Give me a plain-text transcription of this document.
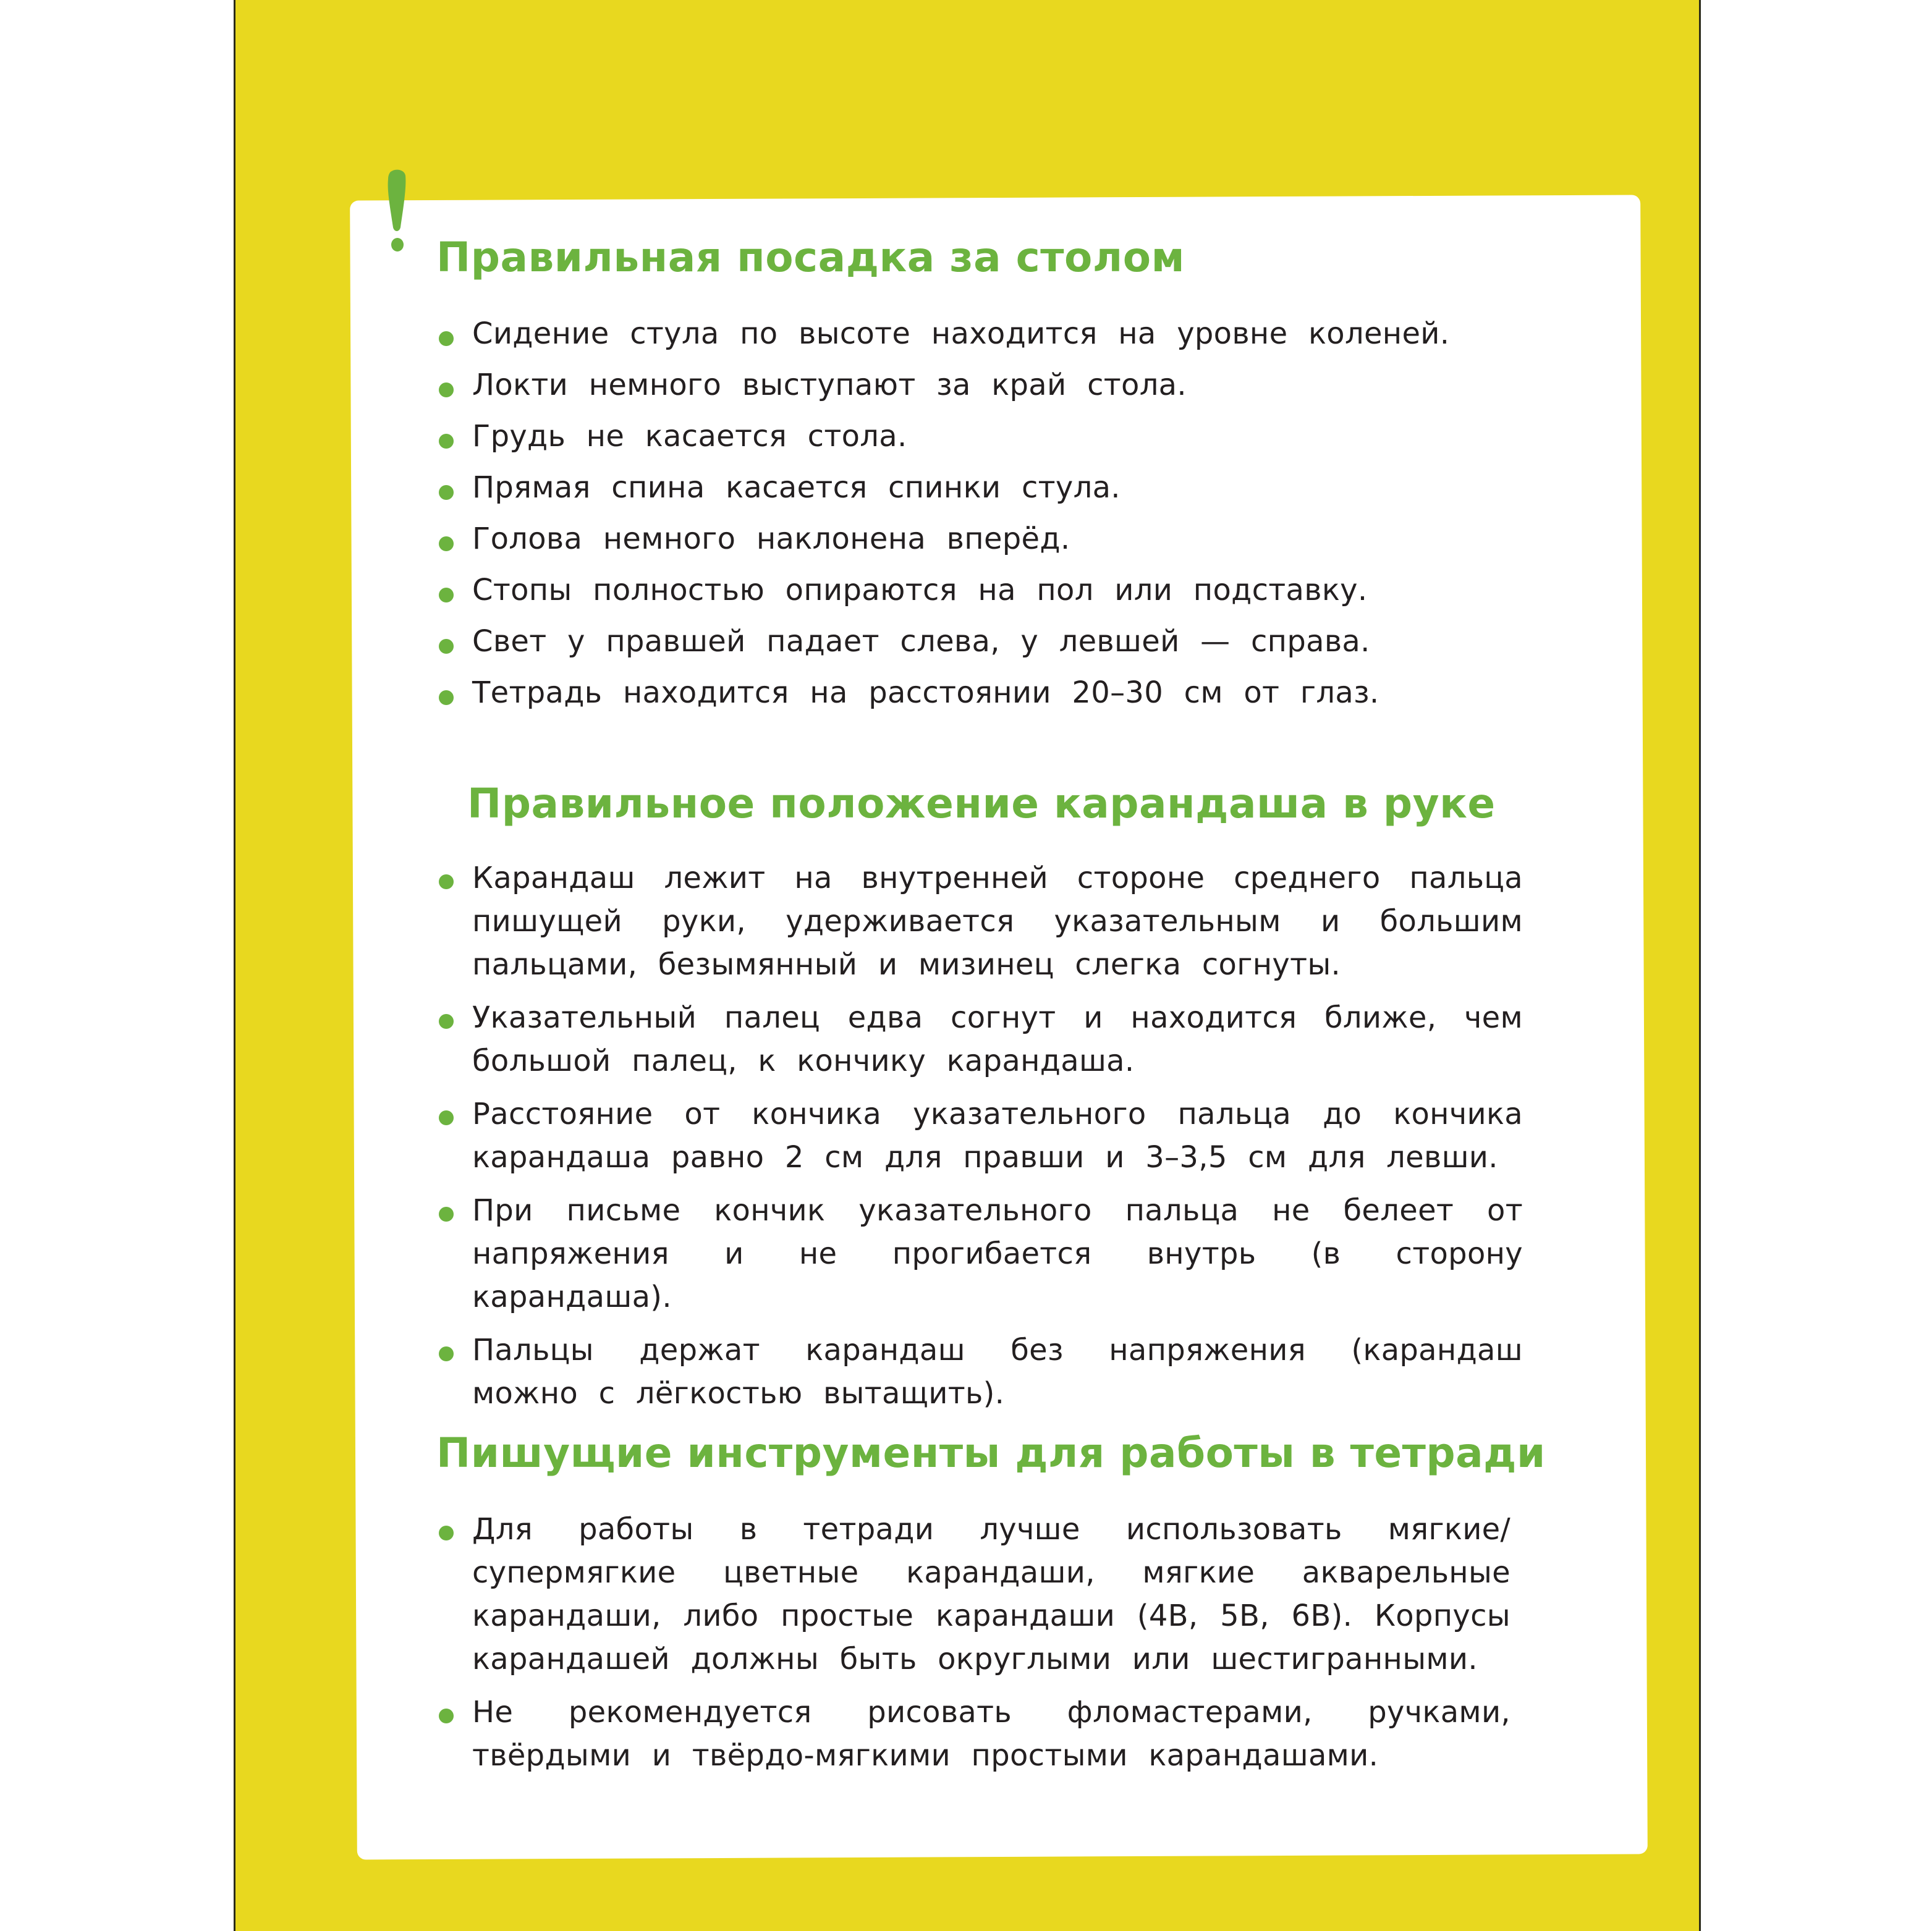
Правильная посадка за столом
Сидение стула по высоте находится на уровне коленей.
Локти немного выступают за край стола.
Грудь не касается стола.
Прямая спина касается спинки стула.
Голова немного наклонена вперёд.
Стопы полностью опираются на пол или подставку.
Свет у правшей падает слева, у левшей — справа.
Тетрадь находится на расстоянии 20–30 см от глаз.
Правильное положение карандаша в руке
Карандаш лежит на внутренней стороне среднего пальца пишущей руки, удерживается указательным и большим пальцами, безымянный и мизинец слегка согнуты.
Указательный палец едва согнут и находится ближе, чем большой палец, к кончику карандаша.
Расстояние от кончика указательного пальца до кончика карандаша равно 2 см для правши и 3–3,5 см для левши.
При письме кончик указательного пальца не белеет от напряжения и не прогибается внутрь (в сторону карандаша).
Пальцы держат карандаш без напряжения (карандаш можно с лёгкостью вытащить).
Пишущие инструменты для работы в тетради
Для работы в тетради лучше использовать мягкие/супермягкие цветные карандаши, мягкие акварельные карандаши, либо простые карандаши (4В, 5В, 6В). Корпусы карандашей должны быть округлыми или шестигранными.
Не рекомендуется рисовать фломастерами, ручками, твёрдыми и твёрдо-мягкими простыми карандашами.
